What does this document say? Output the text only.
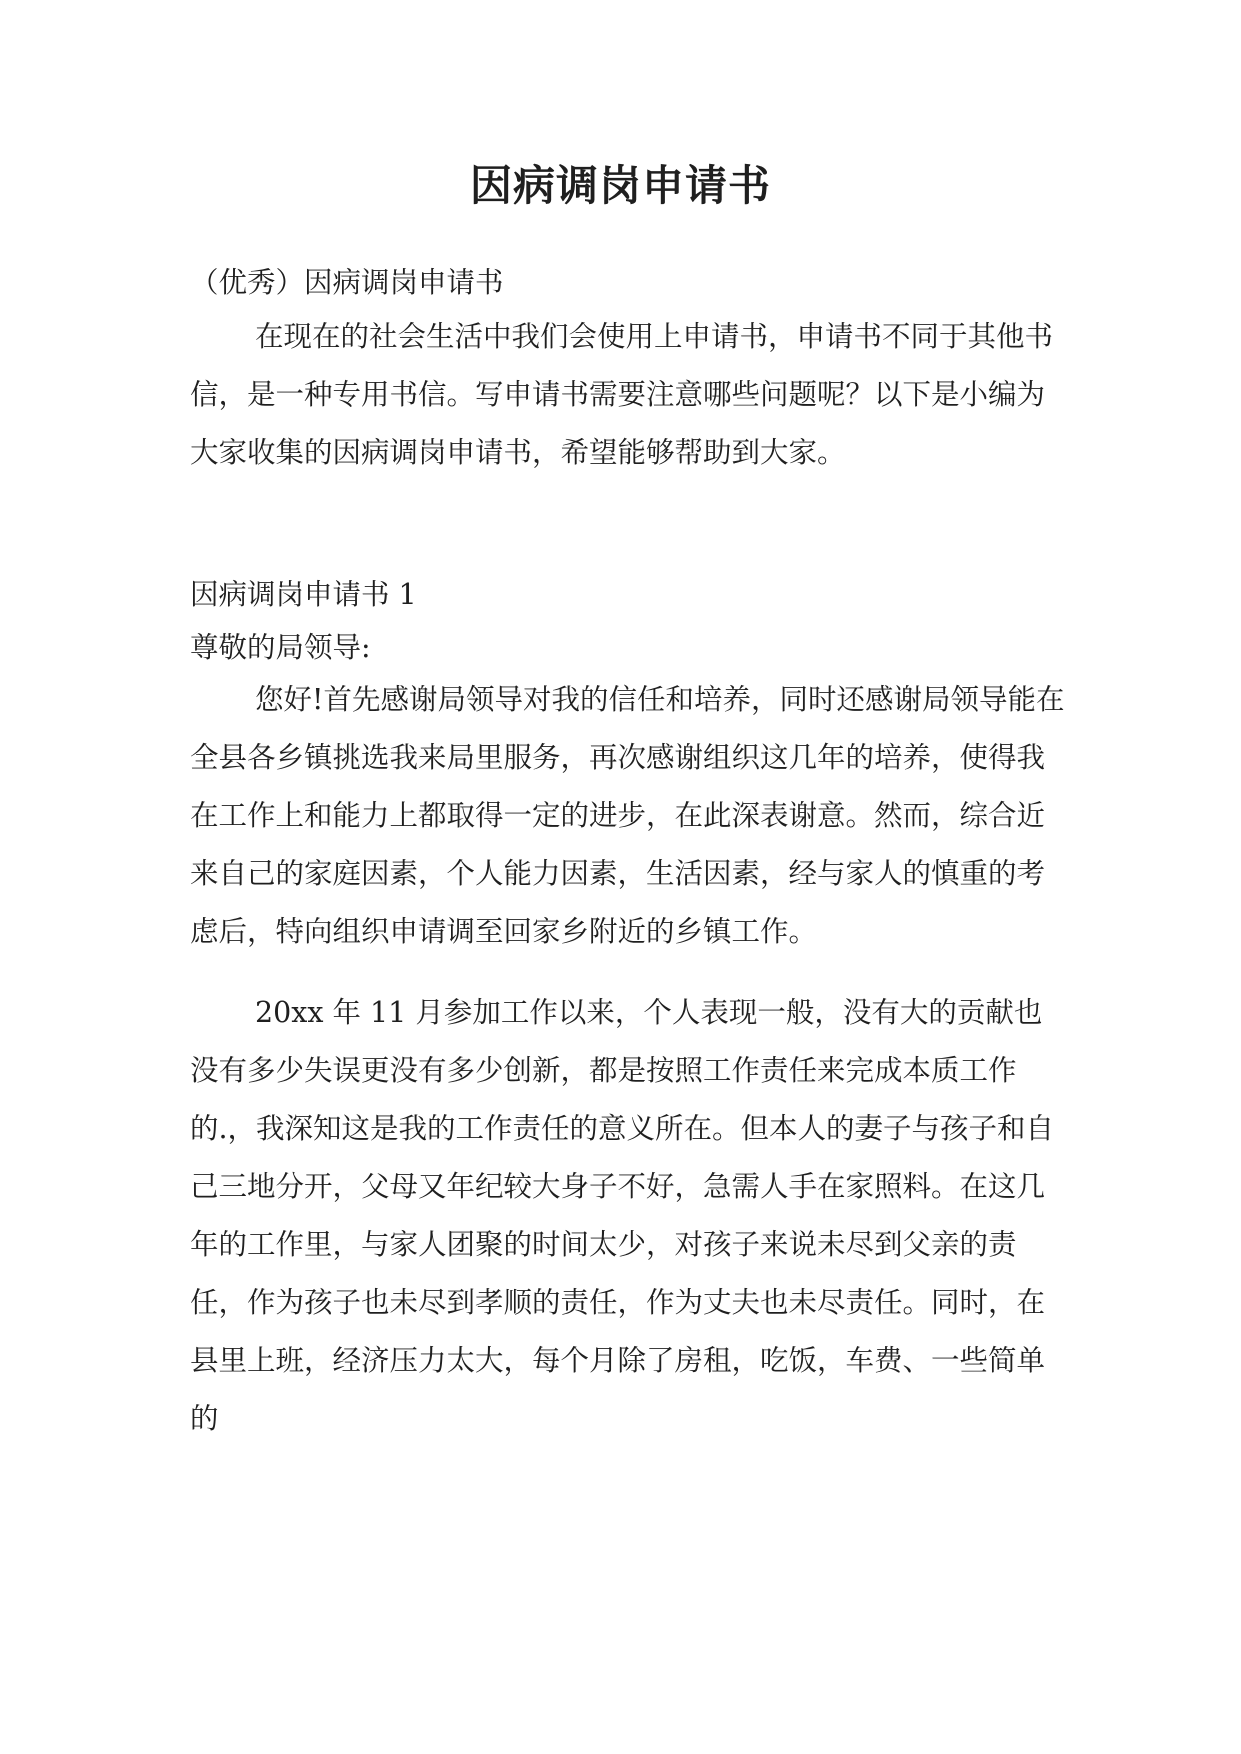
因病调岗申请书

（优秀）因病调岗申请书

在现在的社会生活中我们会使用上申请书，申请书不同于其他书信，是一种专用书信。写申请书需要注意哪些问题呢？以下是小编为大家收集的因病调岗申请书，希望能够帮助到大家。

因病调岗申请书 1

尊敬的局领导:

您好!首先感谢局领导对我的信任和培养，同时还感谢局领导能在全县各乡镇挑选我来局里服务，再次感谢组织这几年的培养，使得我在工作上和能力上都取得一定的进步，在此深表谢意。然而，综合近来自己的家庭因素，个人能力因素，生活因素，经与家人的慎重的考虑后，特向组织申请调至回家乡附近的乡镇工作。

20xx 年 11 月参加工作以来，个人表现一般，没有大的贡献也没有多少失误更没有多少创新，都是按照工作责任来完成本质工作的.，我深知这是我的工作责任的意义所在。但本人的妻子与孩子和自己三地分开，父母又年纪较大身子不好，急需人手在家照料。在这几年的工作里，与家人团聚的时间太少，对孩子来说未尽到父亲的责任，作为孩子也未尽到孝顺的责任，作为丈夫也未尽责任。同时，在县里上班，经济压力太大，每个月除了房租，吃饭，车费、一些简单的
